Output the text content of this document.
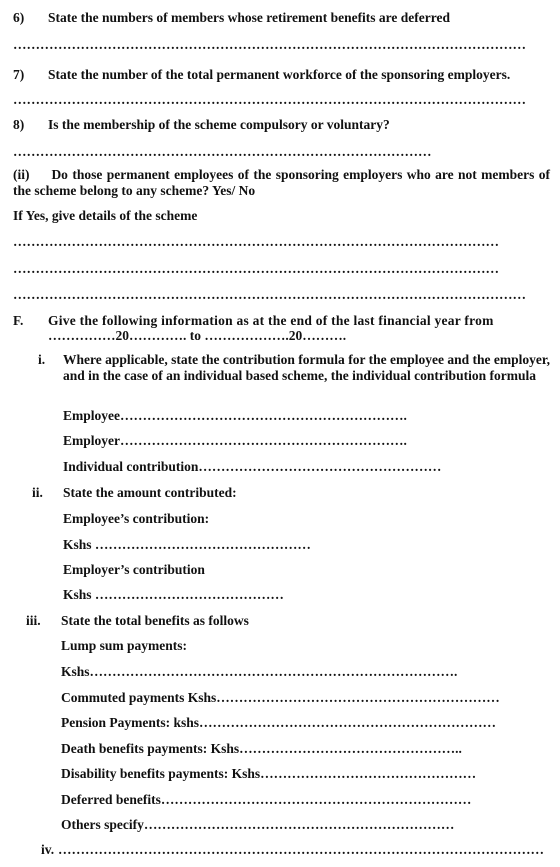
6) State the numbers of members whose retirement benefits are deferred
……………………………………………………………………………………………………
7) State the number of the total permanent workforce of the sponsoring employers.
……………………………………………………………………………………………………
8) Is the membership of the scheme compulsory or voluntary?
…………………………………………………………………………………
(ii) Do those permanent employees of the sponsoring employers who are not members of the scheme belong to any scheme? Yes/ No
If Yes, give details of the scheme
………………………………………………………………………………………………
………………………………………………………………………………………………
……………………………………………………………………………………………………
F. Give the following information as at the end of the last financial year from
……………20…………. to ……………….20……….
i. Where applicable, state the contribution formula for the employee and the employer, and in the case of an individual based scheme, the individual contribution formula
Employee……………………………………………………….
Employer……………………………………………………….
Individual contribution………………………………………………
ii. State the amount contributed:
Employee’s contribution:
Kshs …………………………………………
Employer’s contribution
Kshs ……………………………………
iii. State the total benefits as follows
Lump sum payments:
Kshs……………………………………………………………………….
Commuted payments Kshs………………………………………………………
Pension Payments: kshs…………………………………………………………
Death benefits payments: Kshs…………………………………………..
Disability benefits payments: Kshs…………………………………………
Deferred benefits……………………………………………………………
Others specify……………………………………………………………
iv. ………………………………………………………………………………………………
